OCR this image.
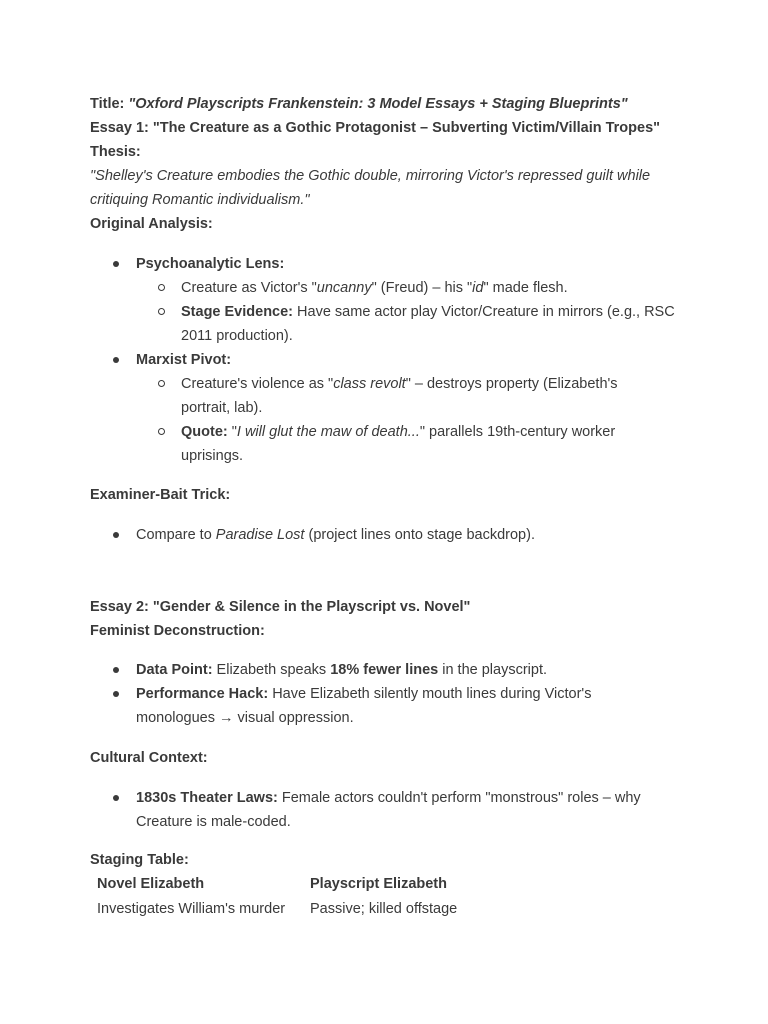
Title: "Oxford Playscripts Frankenstein: 3 Model Essays + Staging Blueprints"
Essay 1: "The Creature as a Gothic Protagonist – Subverting Victim/Villain Tropes"
Thesis:
"Shelley's Creature embodies the Gothic double, mirroring Victor's repressed guilt while
critiquing Romantic individualism."
Original Analysis:
Psychoanalytic Lens:
Creature as Victor's "uncanny" (Freud) – his "id" made flesh.
Stage Evidence: Have same actor play Victor/Creature in mirrors (e.g., RSC
2011 production).
Marxist Pivot:
Creature's violence as "class revolt" – destroys property (Elizabeth's
portrait, lab).
Quote: "I will glut the maw of death..." parallels 19th-century worker
uprisings.
Examiner-Bait Trick:
Compare to Paradise Lost (project lines onto stage backdrop).
Essay 2: "Gender & Silence in the Playscript vs. Novel"
Feminist Deconstruction:
Data Point: Elizabeth speaks 18% fewer lines in the playscript.
Performance Hack: Have Elizabeth silently mouth lines during Victor's
monologues → visual oppression.
Cultural Context:
1830s Theater Laws: Female actors couldn't perform "monstrous" roles – why
Creature is male-coded.
Staging Table:
Novel Elizabeth	Playscript Elizabeth
Investigates William's murder Passive; killed offstage
